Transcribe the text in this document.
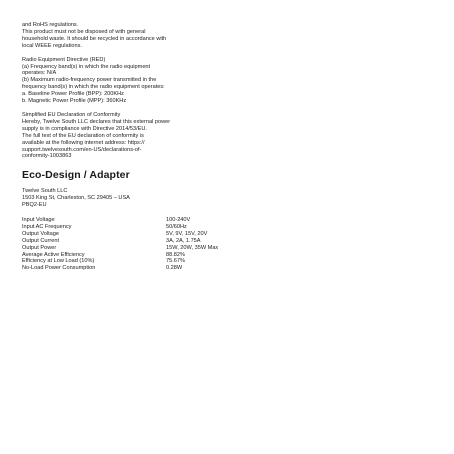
and RoHS regulations.
This product must not be disposed of with general
household waste. It should be recycled in accordance with
local WEEE regulations.

Radio Equipment Directive (RED)
(a) Frequency band(s) in which the radio equipment
operates: N/A
(b) Maximum radio-frequency power transmitted in the
frequency band(s) in which the radio equipment operates:
a. Baseline Power Profile (BPP): 200KHz
b. Magnetic Power Profile (MPP): 360KHz

Simplified EU Declaration of Conformity
Hereby, Twelve South LLC declares that this external power
supply is in compliance with Directive 2014/53/EU.
The full text of the EU declaration of conformity is
available at the following internet address: https://
support.twelvesouth.com/en-US/declarations-of-
conformity-1003863

Eco-Design / Adapter

Twelve South LLC
1503 King St, Charleston, SC 29405 – USA
PBQ2-EU

Input Voltage	100-240V
Input AC Frequency	50/60Hz
Output Voltage	5V, 9V, 15V, 20V
Output Current	3A, 2A, 1.75A
Output Power	15W, 20W, 35W Max
Average Active Efficiency	88.82%
Efficiency at Low Load (10%)	75.67%
No-Load Power Consumption	0.28W
